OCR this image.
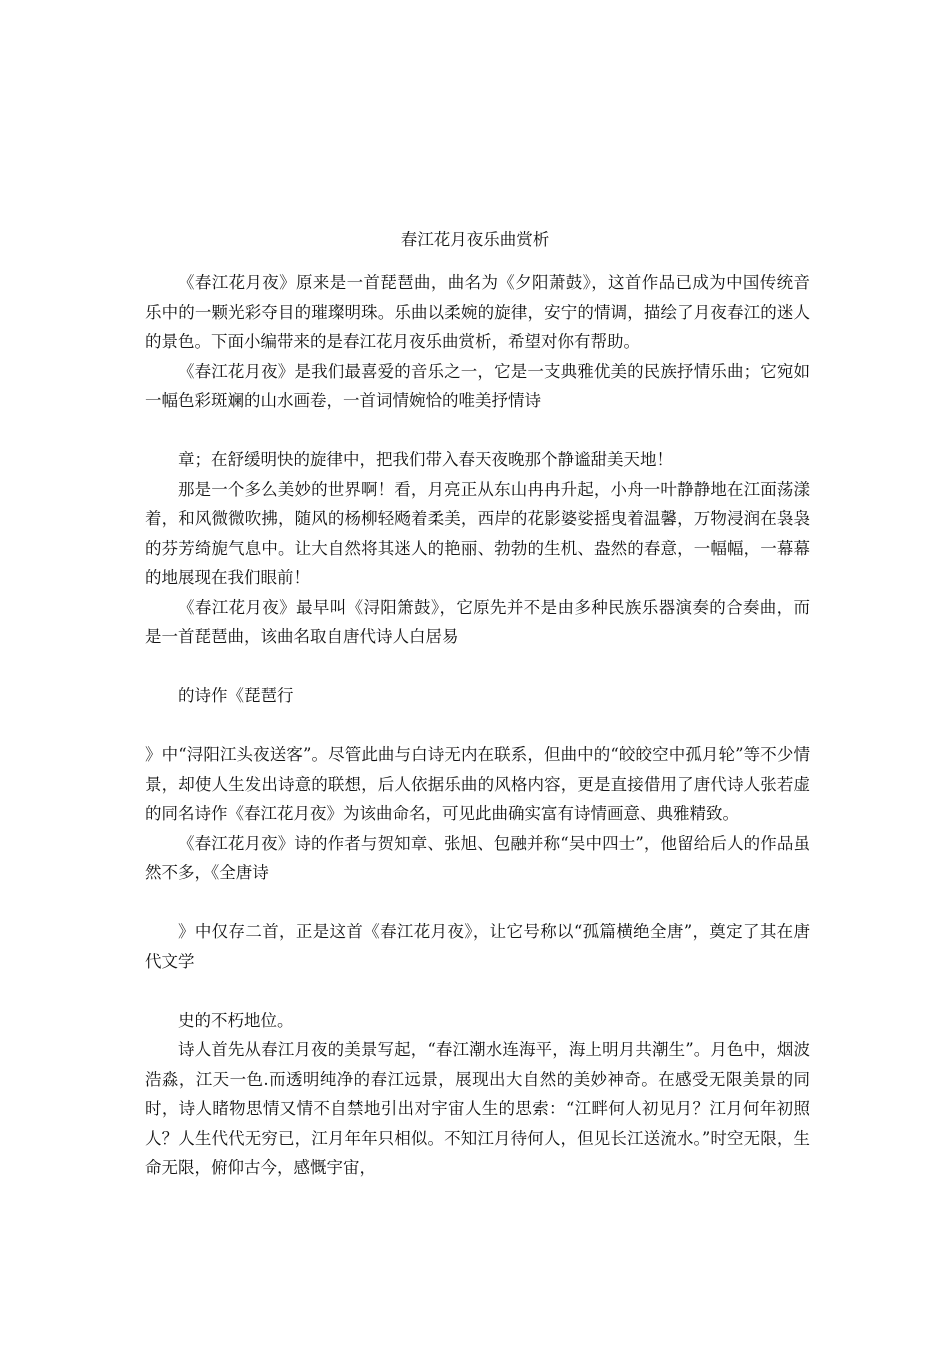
春江花月夜乐曲赏析

《春江花月夜》原来是一首琵琶曲，曲名为《夕阳萧鼓》，这首作品已成为中国传统音乐中的一颗光彩夺目的璀璨明珠。乐曲以柔婉的旋律，安宁的情调，描绘了月夜春江的迷人的景色。下面小编带来的是春江花月夜乐曲赏析，希望对你有帮助。

《春江花月夜》是我们最喜爱的音乐之一，它是一支典雅优美的民族抒情乐曲；它宛如一幅色彩斑斓的山水画卷，一首词情婉恰的唯美抒情诗

章；在舒缓明快的旋律中，把我们带入春天夜晚那个静谧甜美天地！

那是一个多么美妙的世界啊！看，月亮正从东山冉冉升起，小舟一叶静静地在江面荡漾着，和风微微吹拂，随风的杨柳轻飏着柔美，西岸的花影婆娑摇曳着温馨，万物浸润在袅袅的芬芳绮旎气息中。让大自然将其迷人的艳丽、勃勃的生机、盎然的春意，一幅幅，一幕幕的地展现在我们眼前！

《春江花月夜》最早叫《浔阳箫鼓》，它原先并不是由多种民族乐器演奏的合奏曲，而是一首琵琶曲，该曲名取自唐代诗人白居易

的诗作《琵琶行

》中“浔阳江头夜送客”。尽管此曲与白诗无内在联系，但曲中的“皎皎空中孤月轮”等不少情景，却使人生发出诗意的联想，后人依据乐曲的风格内容，更是直接借用了唐代诗人张若虚的同名诗作《春江花月夜》为该曲命名，可见此曲确实富有诗情画意、典雅精致。

《春江花月夜》诗的作者与贺知章、张旭、包融并称“吴中四士”，他留给后人的作品虽然不多，《全唐诗

》中仅存二首，正是这首《春江花月夜》，让它号称以“孤篇横绝全唐”，奠定了其在唐代文学

史的不朽地位。

诗人首先从春江月夜的美景写起，“春江潮水连海平，海上明月共潮生”。月色中，烟波浩淼，江天一色.而透明纯净的春江远景，展现出大自然的美妙神奇。在感受无限美景的同时，诗人睹物思情又情不自禁地引出对宇宙人生的思索：“江畔何人初见月？江月何年初照人？人生代代无穷已，江月年年只相似。不知江月待何人，但见长江送流水。”时空无限，生命无限，俯仰古今，感慨宇宙，
